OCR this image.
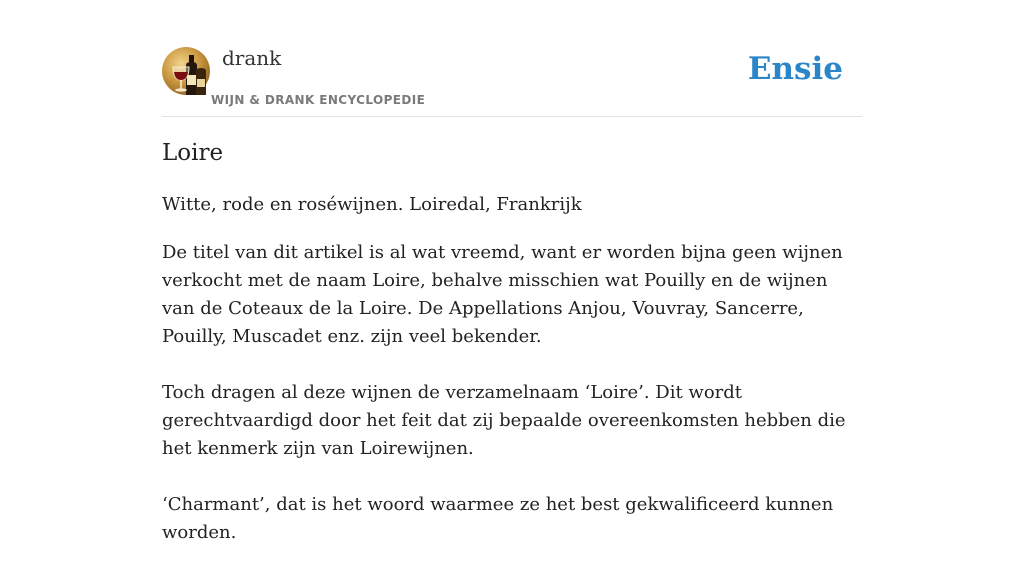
drank
WIJN & DRANK ENCYCLOPEDIE
Ensie
Loire

Witte, rode en roséwijnen. Loiredal, Frankrijk

De titel van dit artikel is al wat vreemd, want er worden bijna geen wijnen verkocht met de naam Loire, behalve misschien wat Pouilly en de wijnen van de Coteaux de la Loire. De Appellations Anjou, Vouvray, Sancerre, Pouilly, Muscadet enz. zijn veel bekender.

Toch dragen al deze wijnen de verzamelnaam ‘Loire’. Dit wordt gerechtvaardigd door het feit dat zij bepaalde overeenkomsten hebben die het kenmerk zijn van Loirewijnen.

‘Charmant’, dat is het woord waarmee ze het best gekwalificeerd kunnen worden.
